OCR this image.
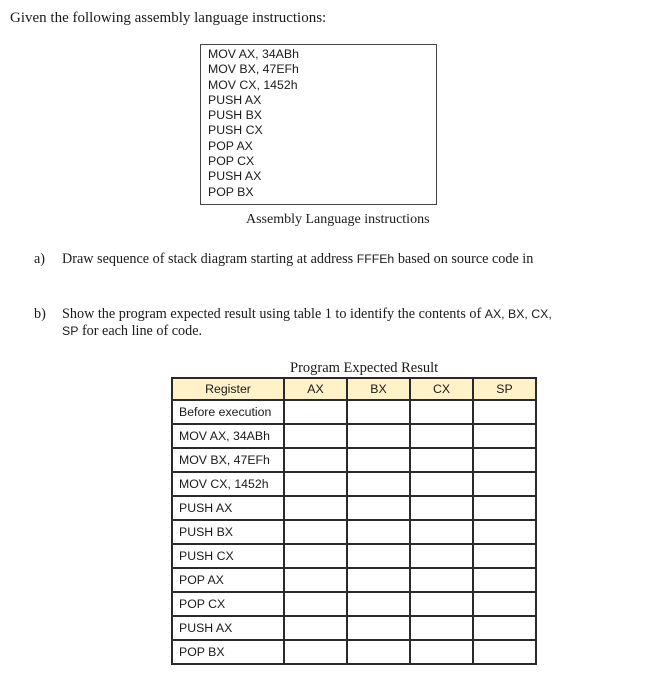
Given the following assembly language instructions:
MOV AX, 34ABh
MOV BX, 47EFh
MOV CX, 1452h
PUSH AX
PUSH BX
PUSH CX
POP AX
POP CX
PUSH AX
POP BX
Assembly Language instructions
a) Draw sequence of stack diagram starting at address FFFEh based on source code in
b) Show the program expected result using table 1 to identify the contents of AX, BX, CX,
SP for each line of code.
Program Expected Result
Register	AX	BX	CX	SP
Before execution				
MOV AX, 34ABh				
MOV BX, 47EFh				
MOV CX, 1452h				
PUSH AX				
PUSH BX				
PUSH CX				
POP AX				
POP CX				
PUSH AX				
POP BX				
